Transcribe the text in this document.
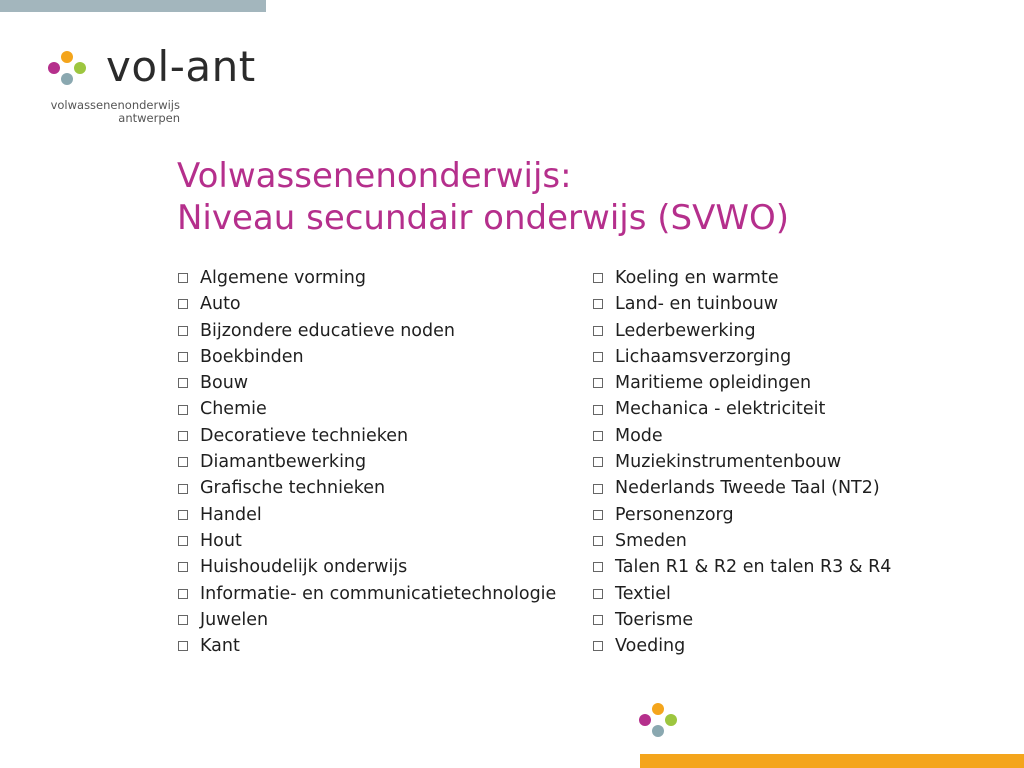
vol-ant
volwassenenonderwijs
antwerpen
Volwassenenonderwijs:
Niveau secundair onderwijs (SVWO)
Algemene vorming
Auto
Bijzondere educatieve noden
Boekbinden
Bouw
Chemie
Decoratieve technieken
Diamantbewerking
Grafische technieken
Handel
Hout
Huishoudelijk onderwijs
Informatie- en communicatietechnologie
Juwelen
Kant
Koeling en warmte
Land- en tuinbouw
Lederbewerking
Lichaamsverzorging
Maritieme opleidingen
Mechanica - elektriciteit
Mode
Muziekinstrumentenbouw
Nederlands Tweede Taal (NT2)
Personenzorg
Smeden
Talen R1 & R2 en talen R3 & R4
Textiel
Toerisme
Voeding
